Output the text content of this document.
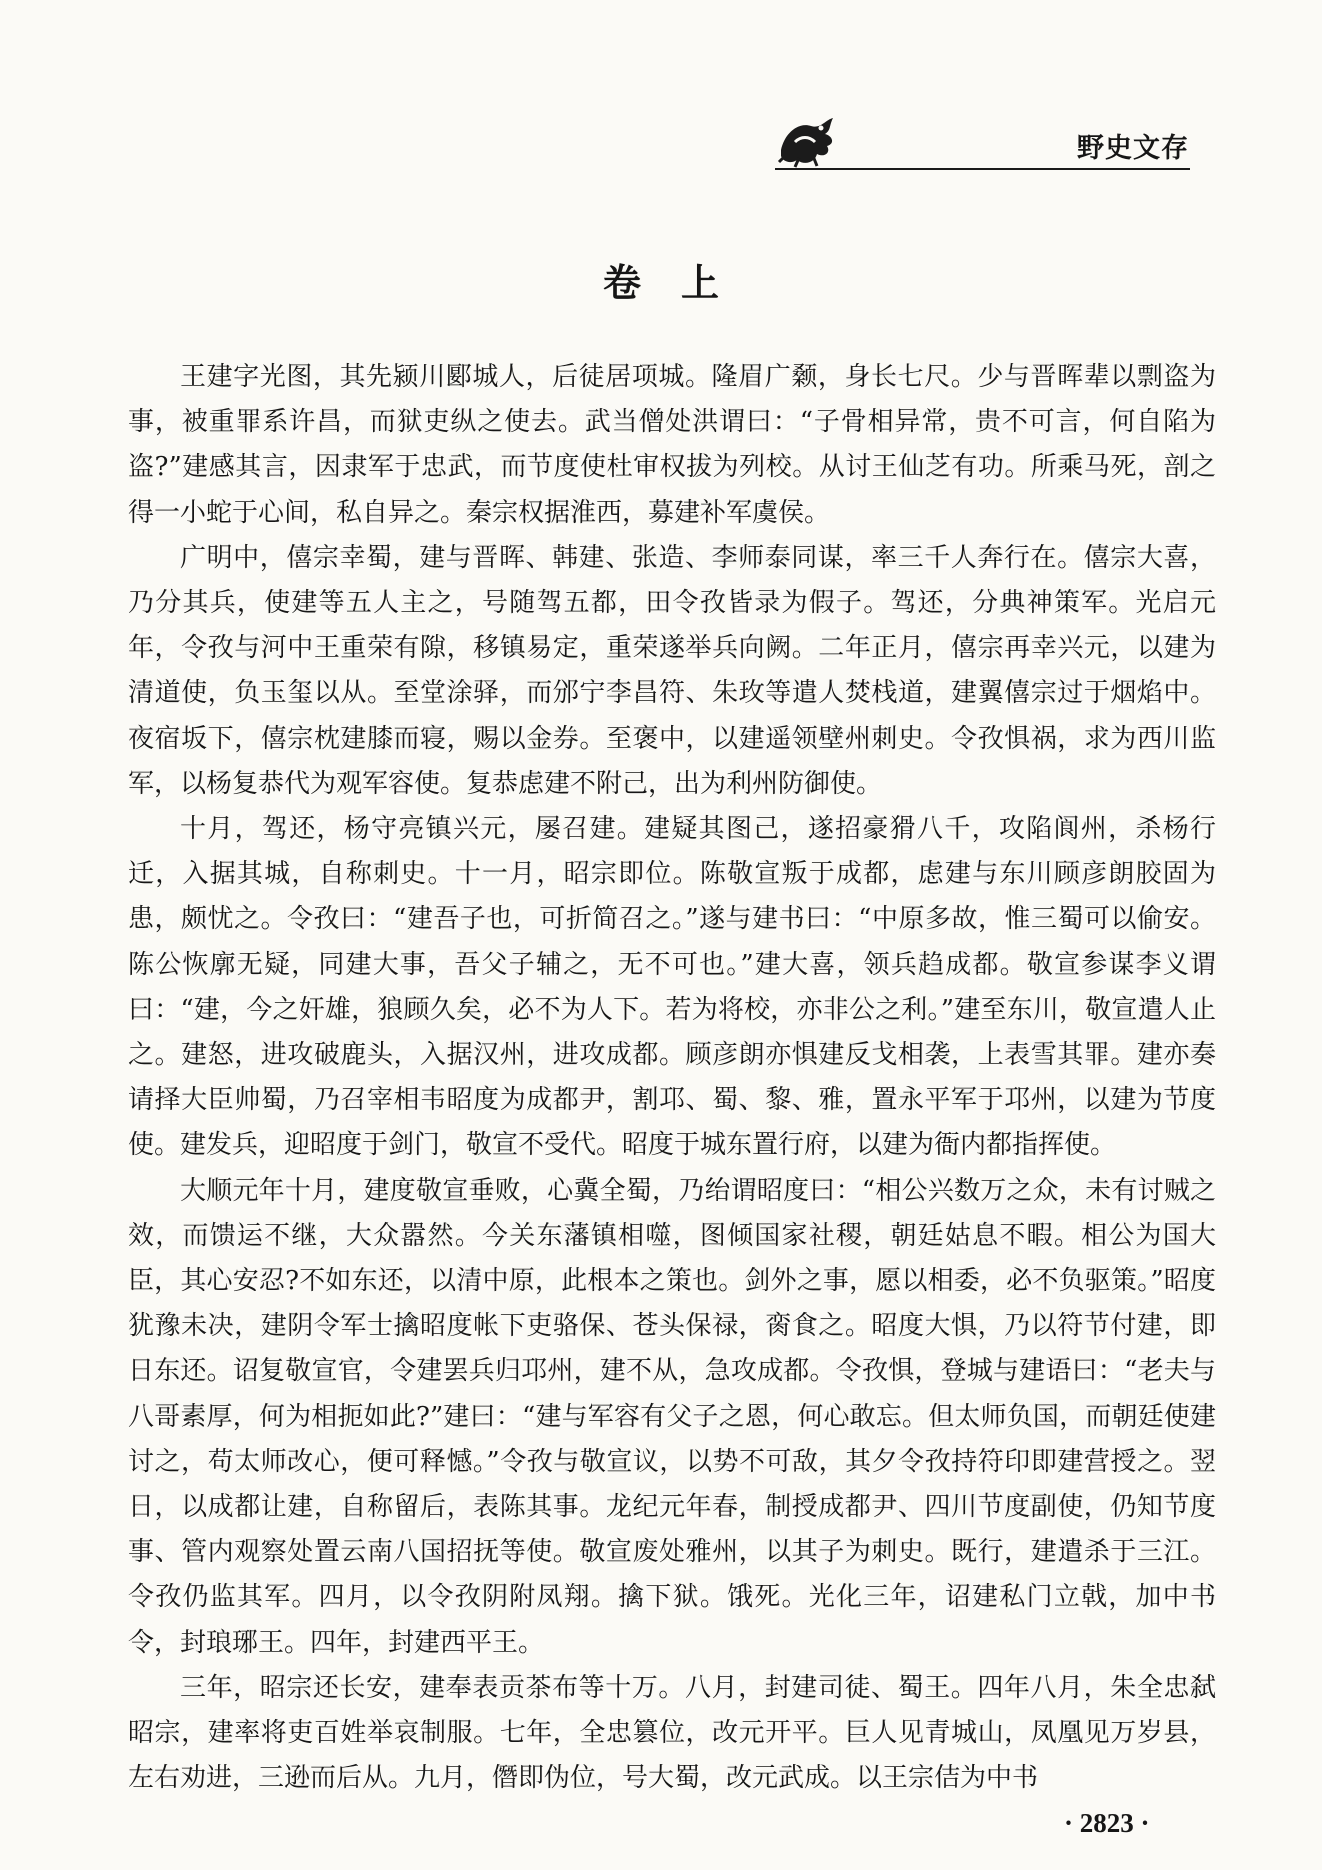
野史文存
卷上

王建字光图，其先颍川郾城人，后徒居项城。隆眉广颡，身长七尺。少与晋晖辈以剽盗为事，被重罪系许昌，而狱吏纵之使去。武当僧处洪谓曰：“子骨相异常，贵不可言，何自陷为盗?”建感其言，因隶军于忠武，而节度使杜审权拔为列校。从讨王仙芝有功。所乘马死，剖之得一小蛇于心间，私自异之。秦宗权据淮西，募建补军虞侯。

广明中，僖宗幸蜀，建与晋晖、韩建、张造、李师泰同谋，率三千人奔行在。僖宗大喜，乃分其兵，使建等五人主之，号随驾五都，田令孜皆录为假子。驾还，分典神策军。光启元年，令孜与河中王重荣有隙，移镇易定，重荣遂举兵向阙。二年正月，僖宗再幸兴元，以建为清道使，负玉玺以从。至堂涂驿，而邠宁李昌符、朱玫等遣人焚栈道，建翼僖宗过于烟焰中。夜宿坂下，僖宗枕建膝而寝，赐以金券。至褒中，以建遥领壁州刺史。令孜惧祸，求为西川监军，以杨复恭代为观军容使。复恭虑建不附己，出为利州防御使。

十月，驾还，杨守亮镇兴元，屡召建。建疑其图己，遂招豪猾八千，攻陷阆州，杀杨行迁，入据其城，自称刺史。十一月，昭宗即位。陈敬宣叛于成都，虑建与东川顾彦朗胶固为患，颇忧之。令孜曰：“建吾子也，可折简召之。”遂与建书曰：“中原多故，惟三蜀可以偷安。陈公恢廓无疑，同建大事，吾父子辅之，无不可也。”建大喜，领兵趋成都。敬宣参谋李义谓曰：“建，今之奸雄，狼顾久矣，必不为人下。若为将校，亦非公之利。”建至东川，敬宣遣人止之。建怒，进攻破鹿头，入据汉州，进攻成都。顾彦朗亦惧建反戈相袭，上表雪其罪。建亦奏请择大臣帅蜀，乃召宰相韦昭度为成都尹，割邛、蜀、黎、雅，置永平军于邛州，以建为节度使。建发兵，迎昭度于剑门，敬宣不受代。昭度于城东置行府，以建为衙内都指挥使。

大顺元年十月，建度敬宣垂败，心冀全蜀，乃绐谓昭度曰：“相公兴数万之众，未有讨贼之效，而馈运不继，大众嚣然。今关东藩镇相噬，图倾国家社稷，朝廷姑息不暇。相公为国大臣，其心安忍?不如东还，以清中原，此根本之策也。剑外之事，愿以相委，必不负驱策。”昭度犹豫未决，建阴令军士擒昭度帐下吏骆保、苍头保禄，脔食之。昭度大惧，乃以符节付建，即日东还。诏复敬宣官，令建罢兵归邛州，建不从，急攻成都。令孜惧，登城与建语曰：“老夫与八哥素厚，何为相扼如此?”建曰：“建与军容有父子之恩，何心敢忘。但太师负国，而朝廷使建讨之，苟太师改心，便可释憾。”令孜与敬宣议，以势不可敌，其夕令孜持符印即建营授之。翌日，以成都让建，自称留后，表陈其事。龙纪元年春，制授成都尹、四川节度副使，仍知节度事、管内观察处置云南八国招抚等使。敬宣废处雅州，以其子为刺史。既行，建遣杀于三江。令孜仍监其军。四月，以令孜阴附凤翔。擒下狱。饿死。光化三年，诏建私门立戟，加中书令，封琅琊王。四年，封建西平王。

三年，昭宗还长安，建奉表贡茶布等十万。八月，封建司徒、蜀王。四年八月，朱全忠弑昭宗，建率将吏百姓举哀制服。七年，全忠篡位，改元开平。巨人见青城山，凤凰见万岁县，左右劝进，三逊而后从。九月，僭即伪位，号大蜀，改元武成。以王宗佶为中书

· 2823 ·
